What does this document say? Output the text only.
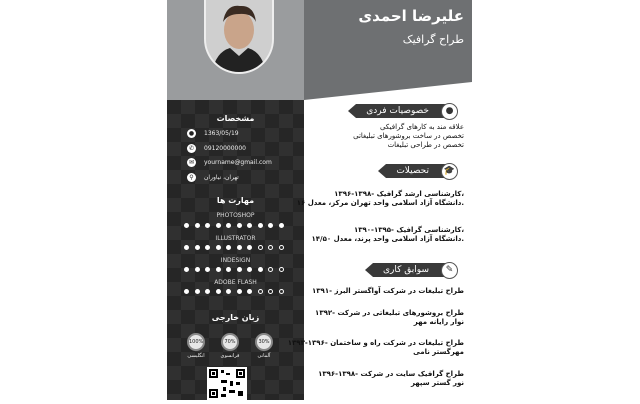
علیرضا احمدی
طراح گرافیک
خصوصیات فردی	●
علاقه مند به کارهای گرافیکی
تخصص در ساخت بروشورهای تبلیغاتی
تخصص در طراحی تبلیغات
تحصیلات	🎓
۱۳۹۶-۱۳۹۸- کارشناسی ارشد گرافیک،
دانشگاه آزاد اسلامی واحد تهران مرکز، معدل ۱۶.
۱۳۹۰-۱۳۹۵- کارشناسی گرافیک،
دانشگاه آزاد اسلامی واحد پرند، معدل ۱۴/۵۰.
سوابق کاری	✎
۱۳۹۱- طراح تبلیغات در شرکت آواگستر البرز
۱۳۹۲- طراح بروشورهای تبلیغاتی در شرکت
نوار رایانه مهر
۱۳۹۳-۱۳۹۶- طراح تبلیغات در شرکت راه و ساختمان
مهرگستر نامی
۱۳۹۶-۱۳۹۸- طراح گرافیک سایت در شرکت
نور گستر سپهر
مشخصات
●	1363/05/19
✆	09120000000
✉	yourname@gmail.com
⚲	تهران، نیاوران
مهارت ها
PHOTOSHOP
ILLUSTRATOR
INDESIGN
ADOBE FLASH
زبان خارجی
100%
انگلیسی
70%
فرانسوی
30%
آلمانی
